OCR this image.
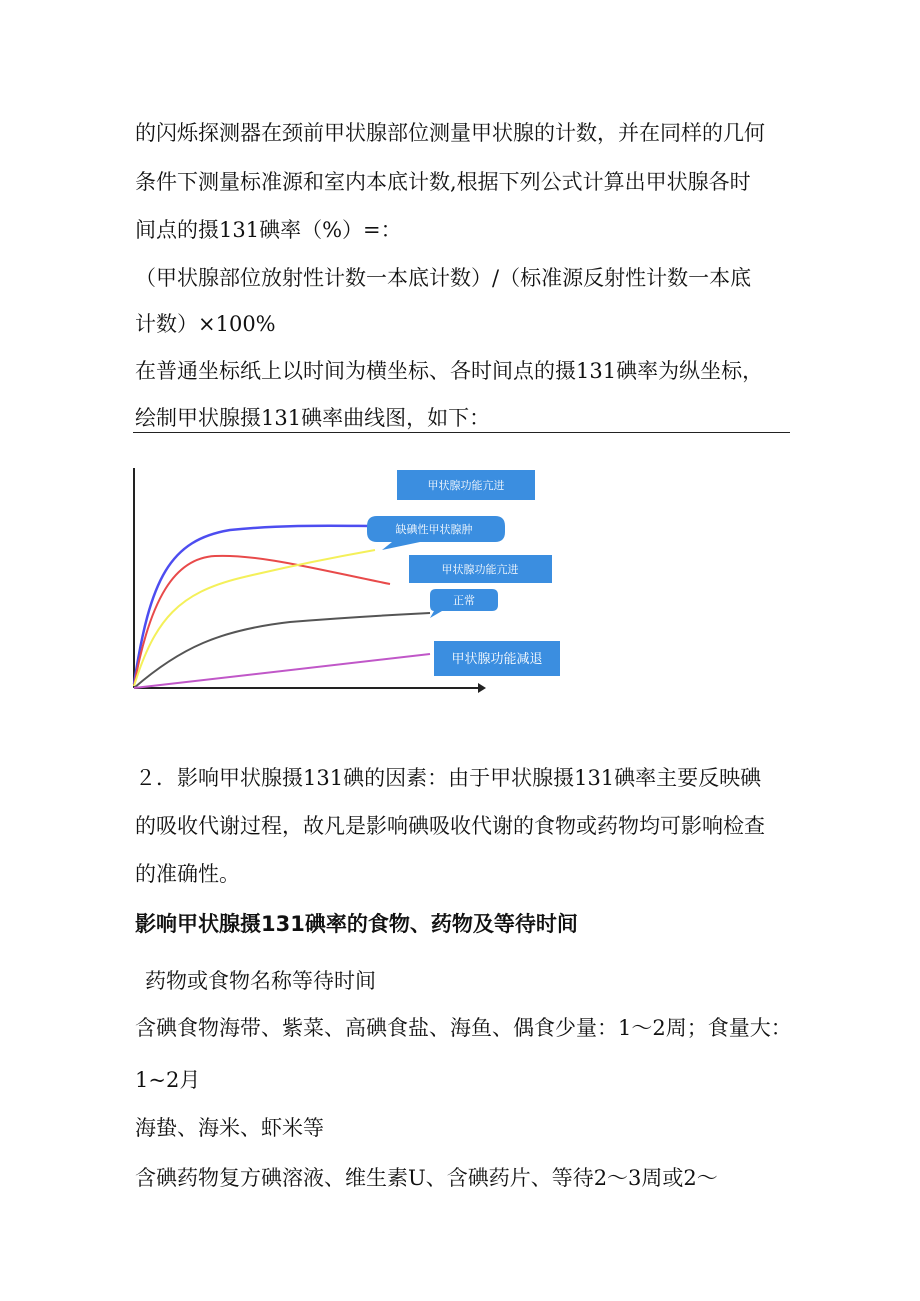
的闪烁探测器在颈前甲状腺部位测量甲状腺的计数，并在同样的几何
条件下测量标准源和室内本底计数,根据下列公式计算出甲状腺各时
间点的摄131碘率（%）=：
（甲状腺部位放射性计数一本底计数）/（标准源反射性计数一本底
计数）×100%
在普通坐标纸上以时间为横坐标、各时间点的摄131碘率为纵坐标，
绘制甲状腺摄131碘率曲线图，如下：
甲状腺功能亢进
缺碘性甲状腺肿
甲状腺功能亢进
正常
甲状腺功能减退
２．影响甲状腺摄131碘的因素：由于甲状腺摄131碘率主要反映碘
的吸收代谢过程，故凡是影响碘吸收代谢的食物或药物均可影响检查
的准确性。
影响甲状腺摄131碘率的食物、药物及等待时间
药物或食物名称等待时间
含碘食物海带、紫菜、高碘食盐、海鱼、偶食少量：1～2周；食量大：
1~2月
海蛰、海米、虾米等
含碘药物复方碘溶液、维生素U、含碘药片、等待2～3周或2～
